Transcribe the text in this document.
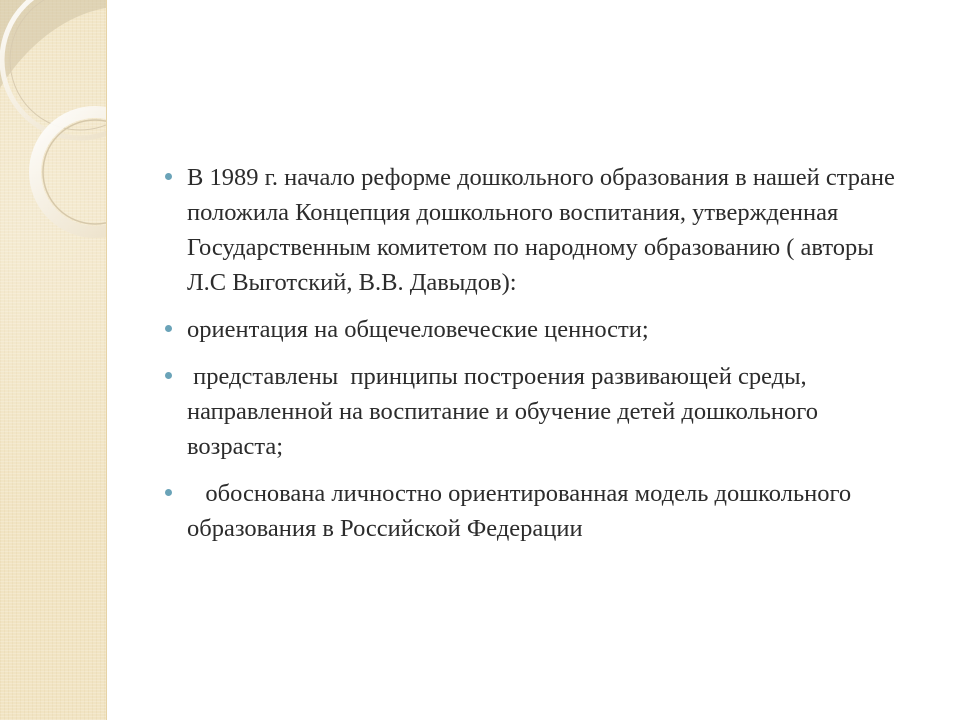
В 1989 г. начало реформе дошкольного образования в нашей стране положила Концепция дошкольного воспитания, утвержденная Государственным комитетом по народному образованию ( авторы  Л.С Выготский, В.В. Давыдов):
ориентация на общечеловеческие ценности;
представлены  принципы построения развивающей среды, направленной на воспитание и обучение детей дошкольного возраста;
обоснована личностно ориентированная модель дошкольного образования в Российской Федерации
